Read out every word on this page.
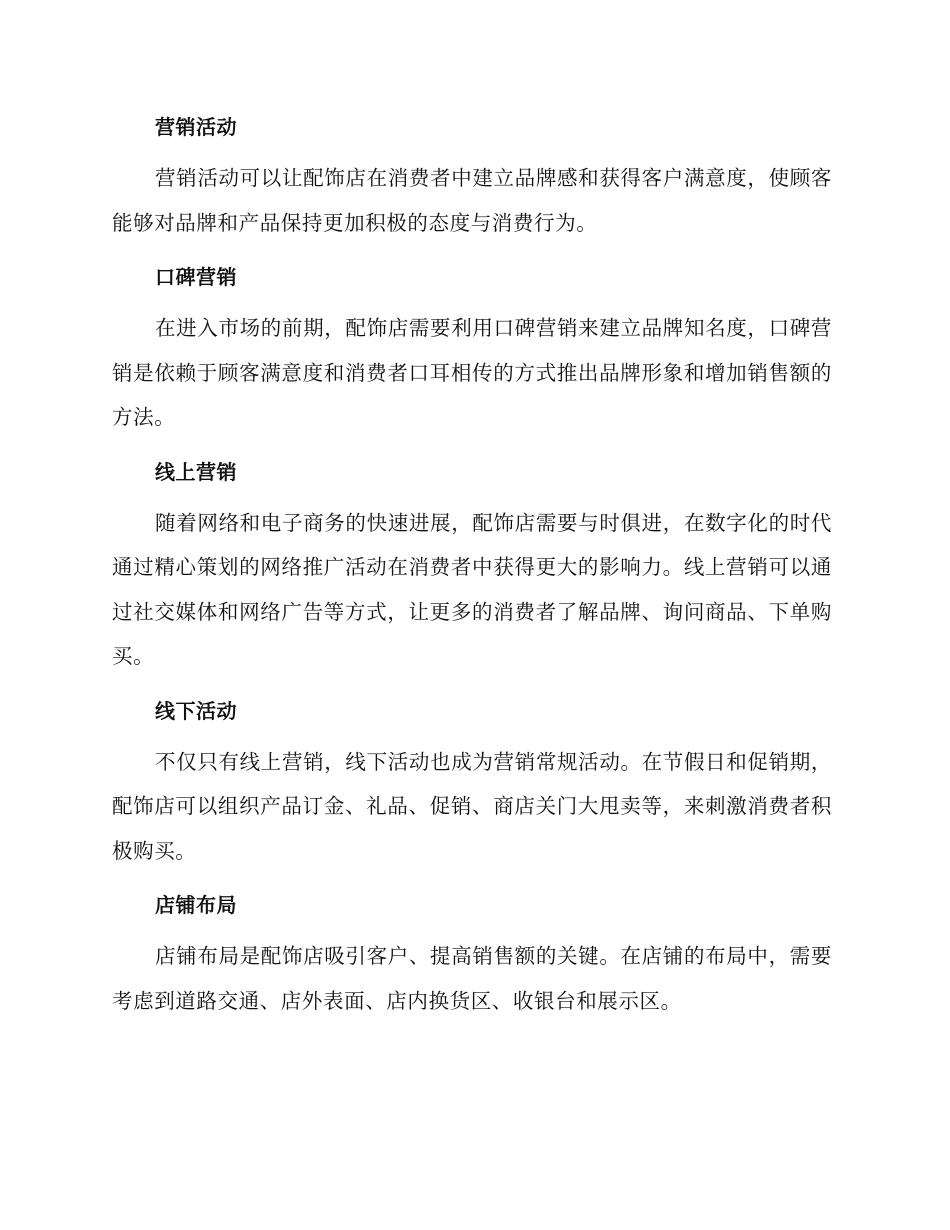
营销活动

营销活动可以让配饰店在消费者中建立品牌感和获得客户满意度，使顾客能够对品牌和产品保持更加积极的态度与消费行为。

口碑营销

在进入市场的前期，配饰店需要利用口碑营销来建立品牌知名度，口碑营销是依赖于顾客满意度和消费者口耳相传的方式推出品牌形象和增加销售额的方法。

线上营销

随着网络和电子商务的快速进展，配饰店需要与时俱进，在数字化的时代通过精心策划的网络推广活动在消费者中获得更大的影响力。线上营销可以通过社交媒体和网络广告等方式，让更多的消费者了解品牌、询问商品、下单购买。

线下活动

不仅只有线上营销，线下活动也成为营销常规活动。在节假日和促销期，配饰店可以组织产品订金、礼品、促销、商店关门大甩卖等，来刺激消费者积极购买。

店铺布局

店铺布局是配饰店吸引客户、提高销售额的关键。在店铺的布局中，需要考虑到道路交通、店外表面、店内换货区、收银台和展示区。
